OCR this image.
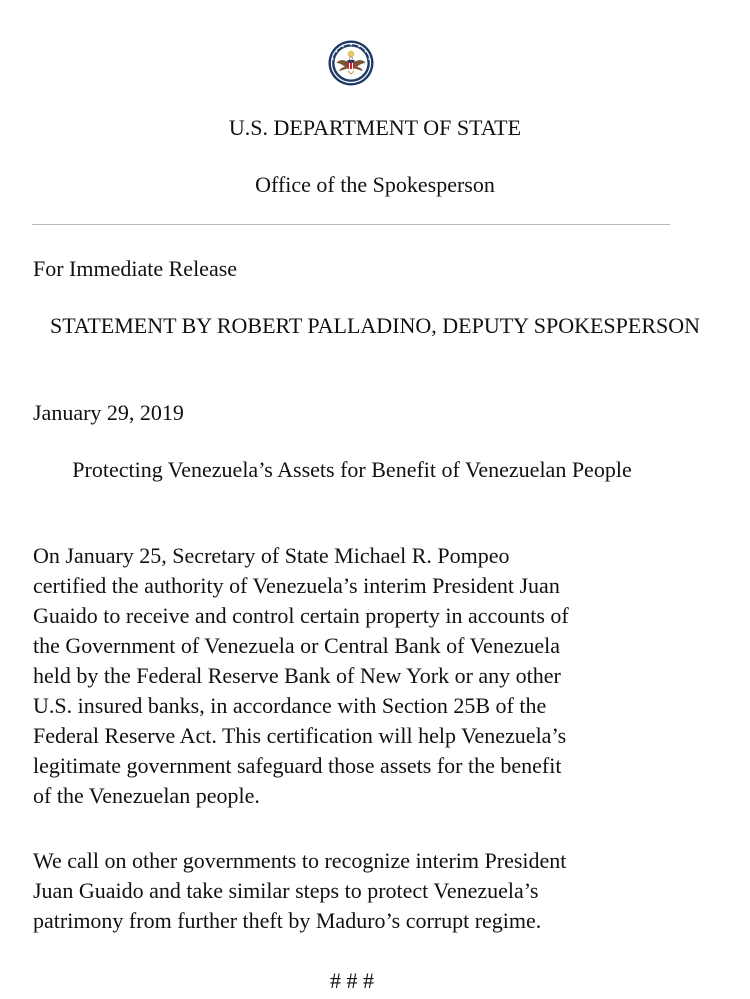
U.S. DEPARTMENT OF STATE
Office of the Spokesperson
For Immediate Release
STATEMENT BY ROBERT PALLADINO, DEPUTY SPOKESPERSON
January 29, 2019
Protecting Venezuela’s Assets for Benefit of Venezuelan People
On January 25, Secretary of State Michael R. Pompeo
certified the authority of Venezuela’s interim President Juan
Guaido to receive and control certain property in accounts of
the Government of Venezuela or Central Bank of Venezuela
held by the Federal Reserve Bank of New York or any other
U.S. insured banks, in accordance with Section 25B of the
Federal Reserve Act. This certification will help Venezuela’s
legitimate government safeguard those assets for the benefit
of the Venezuelan people.
We call on other governments to recognize interim President
Juan Guaido and take similar steps to protect Venezuela’s
patrimony from further theft by Maduro’s corrupt regime.
# # #
